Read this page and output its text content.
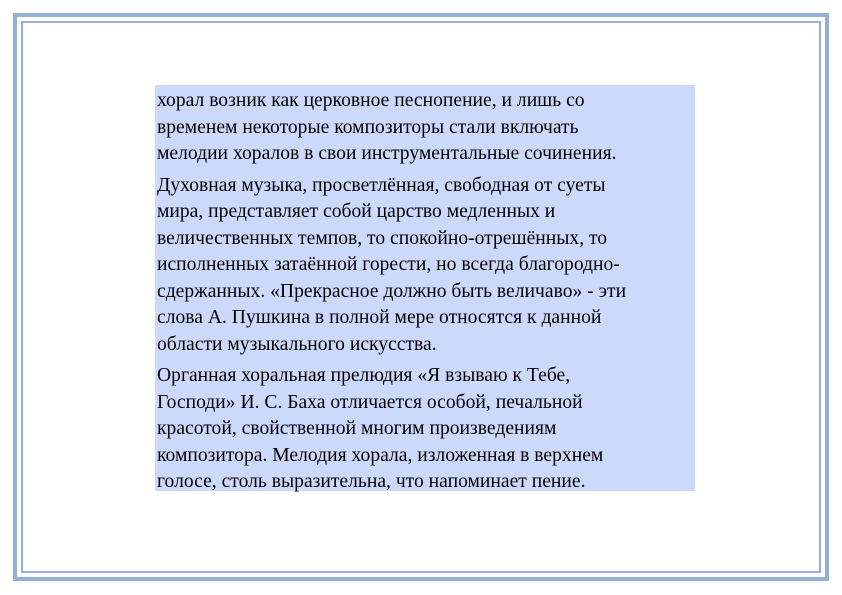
хорал возник как церковное песнопение, и лишь со
временем некоторые композиторы стали включать
мелодии хоралов в свои инструментальные сочинения.

Духовная музыка, просветлённая, свободная от суеты
мира, представляет собой царство медленных и
величественных темпов, то спокойно-отрешённых, то
исполненных затаённой горести, но всегда благородно-
сдержанных. «Прекрасное должно быть величаво» - эти
слова А. Пушкина в полной мере относятся к данной
области музыкального искусства.

Органная хоральная прелюдия «Я взываю к Тебе,
Господи» И. С. Баха отличается особой, печальной
красотой, свойственной многим произведениям
композитора. Мелодия хорала, изложенная в верхнем
голосе, столь выразительна, что напоминает пение.
